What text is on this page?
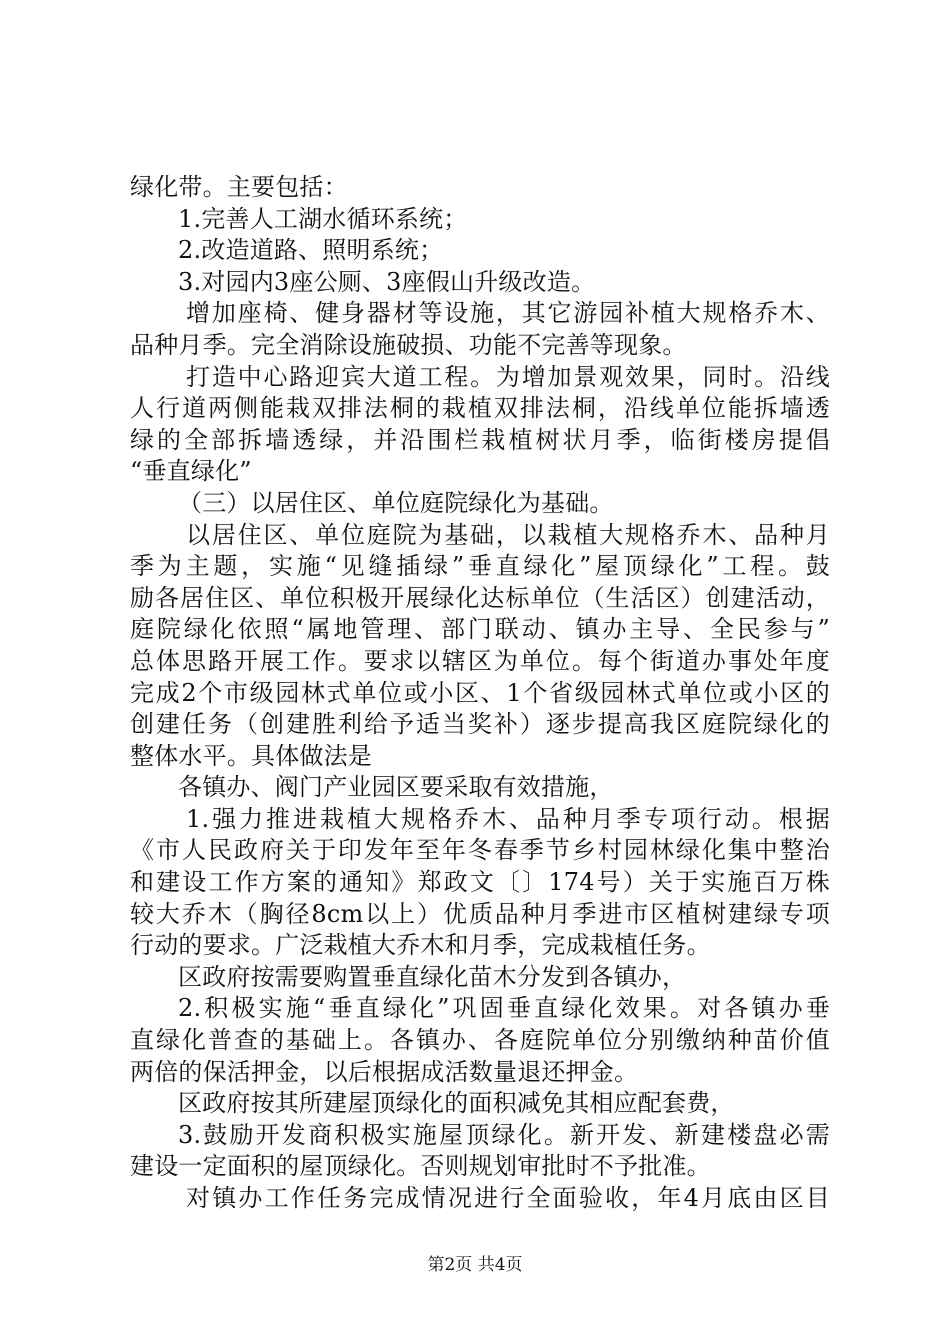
绿化带。主要包括：
1.完善人工湖水循环系统；
2.改造道路、照明系统；
3.对园内3座公厕、3座假山升级改造。
增加座椅、健身器材等设施，其它游园补植大规格乔木、
品种月季。完全消除设施破损、功能不完善等现象。
打造中心路迎宾大道工程。为增加景观效果，同时。沿线
人行道两侧能栽双排法桐的栽植双排法桐，沿线单位能拆墙透
绿的全部拆墙透绿，并沿围栏栽植树状月季，临街楼房提倡
“垂直绿化”
（三）以居住区、单位庭院绿化为基础。
以居住区、单位庭院为基础，以栽植大规格乔木、品种月
季为主题，实施“见缝插绿”垂直绿化”屋顶绿化”工程。鼓
励各居住区、单位积极开展绿化达标单位（生活区）创建活动，
庭院绿化依照“属地管理、部门联动、镇办主导、全民参与”
总体思路开展工作。要求以辖区为单位。每个街道办事处年度
完成2个市级园林式单位或小区、1个省级园林式单位或小区的
创建任务（创建胜利给予适当奖补）逐步提高我区庭院绿化的
整体水平。具体做法是
各镇办、阀门产业园区要采取有效措施，
1.强力推进栽植大规格乔木、品种月季专项行动。根据
《市人民政府关于印发年至年冬春季节乡村园林绿化集中整治
和建设工作方案的通知》郑政文〔〕174号）关于实施百万株
较大乔木（胸径8cm以上）优质品种月季进市区植树建绿专项
行动的要求。广泛栽植大乔木和月季，完成栽植任务。
区政府按需要购置垂直绿化苗木分发到各镇办，
2.积极实施“垂直绿化”巩固垂直绿化效果。对各镇办垂
直绿化普查的基础上。各镇办、各庭院单位分别缴纳种苗价值
两倍的保活押金，以后根据成活数量退还押金。
区政府按其所建屋顶绿化的面积减免其相应配套费，
3.鼓励开发商积极实施屋顶绿化。新开发、新建楼盘必需
建设一定面积的屋顶绿化。否则规划审批时不予批准。
对镇办工作任务完成情况进行全面验收，年4月底由区目
第2页 共4页
